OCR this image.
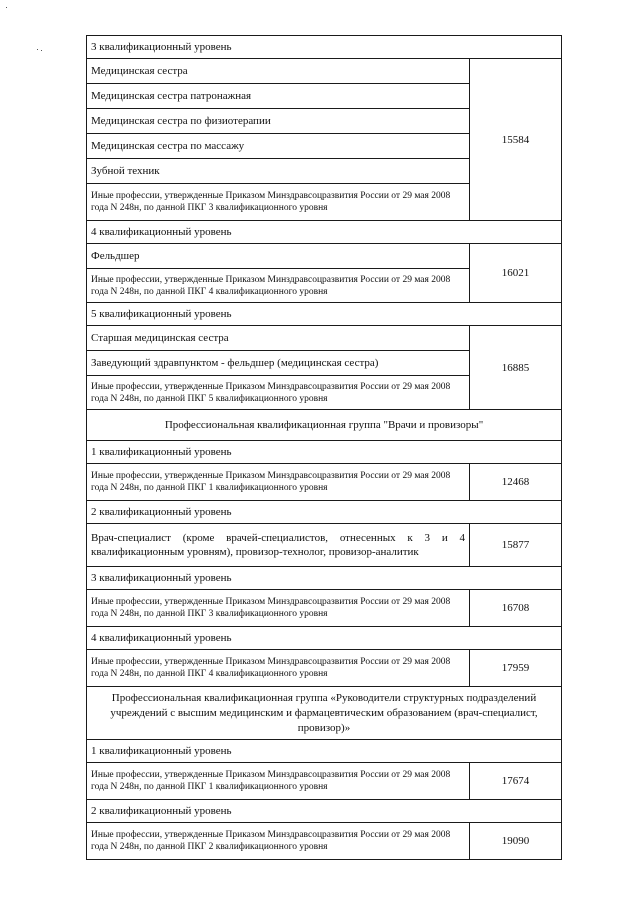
3 квалификационный уровень	
Медицинская сестра	15584
Медицинская сестра патронажная	
Медицинская сестра по физиотерапии	
Медицинская сестра по массажу	
Зубной техник	
Иные профессии, утвержденные Приказом Минздравсоцразвития России от 29 мая 2008 года N 248н, по данной ПКГ 3 квалификационного уровня	
4 квалификационный уровень	
Фельдшер	16021
Иные профессии, утвержденные Приказом Минздравсоцразвития России от 29 мая 2008 года N 248н, по данной ПКГ 4 квалификационного уровня	
5 квалификационный уровень	
Старшая медицинская сестра	16885
Заведующий здравпунктом - фельдшер (медицинская сестра)	
Иные профессии, утвержденные Приказом Минздравсоцразвития России от 29 мая 2008 года N 248н, по данной ПКГ 5 квалификационного уровня	
Профессиональная квалификационная группа "Врачи и провизоры"	
1 квалификационный уровень	
Иные профессии, утвержденные Приказом Минздравсоцразвития России от 29 мая 2008 года N 248н, по данной ПКГ 1 квалификационного уровня	12468
2 квалификационный уровень	
Врач-специалист (кроме врачей-специалистов, отнесенных к 3 и 4 квалификационным уровням), провизор-технолог, провизор-аналитик	15877
3 квалификационный уровень	
Иные профессии, утвержденные Приказом Минздравсоцразвития России от 29 мая 2008 года N 248н, по данной ПКГ 3 квалификационного уровня	16708
4 квалификационный уровень	
Иные профессии, утвержденные Приказом Минздравсоцразвития России от 29 мая 2008 года N 248н, по данной ПКГ 4 квалификационного уровня	17959
Профессиональная квалификационная группа «Руководители структурных подразделений учреждений с высшим медицинским и фармацевтическим образованием (врач-специалист, провизор)»	
1 квалификационный уровень	
Иные профессии, утвержденные Приказом Минздравсоцразвития России от 29 мая 2008 года N 248н, по данной ПКГ 1 квалификационного уровня	17674
2 квалификационный уровень	
Иные профессии, утвержденные Приказом Минздравсоцразвития России от 29 мая 2008 года N 248н, по данной ПКГ 2 квалификационного уровня	19090
